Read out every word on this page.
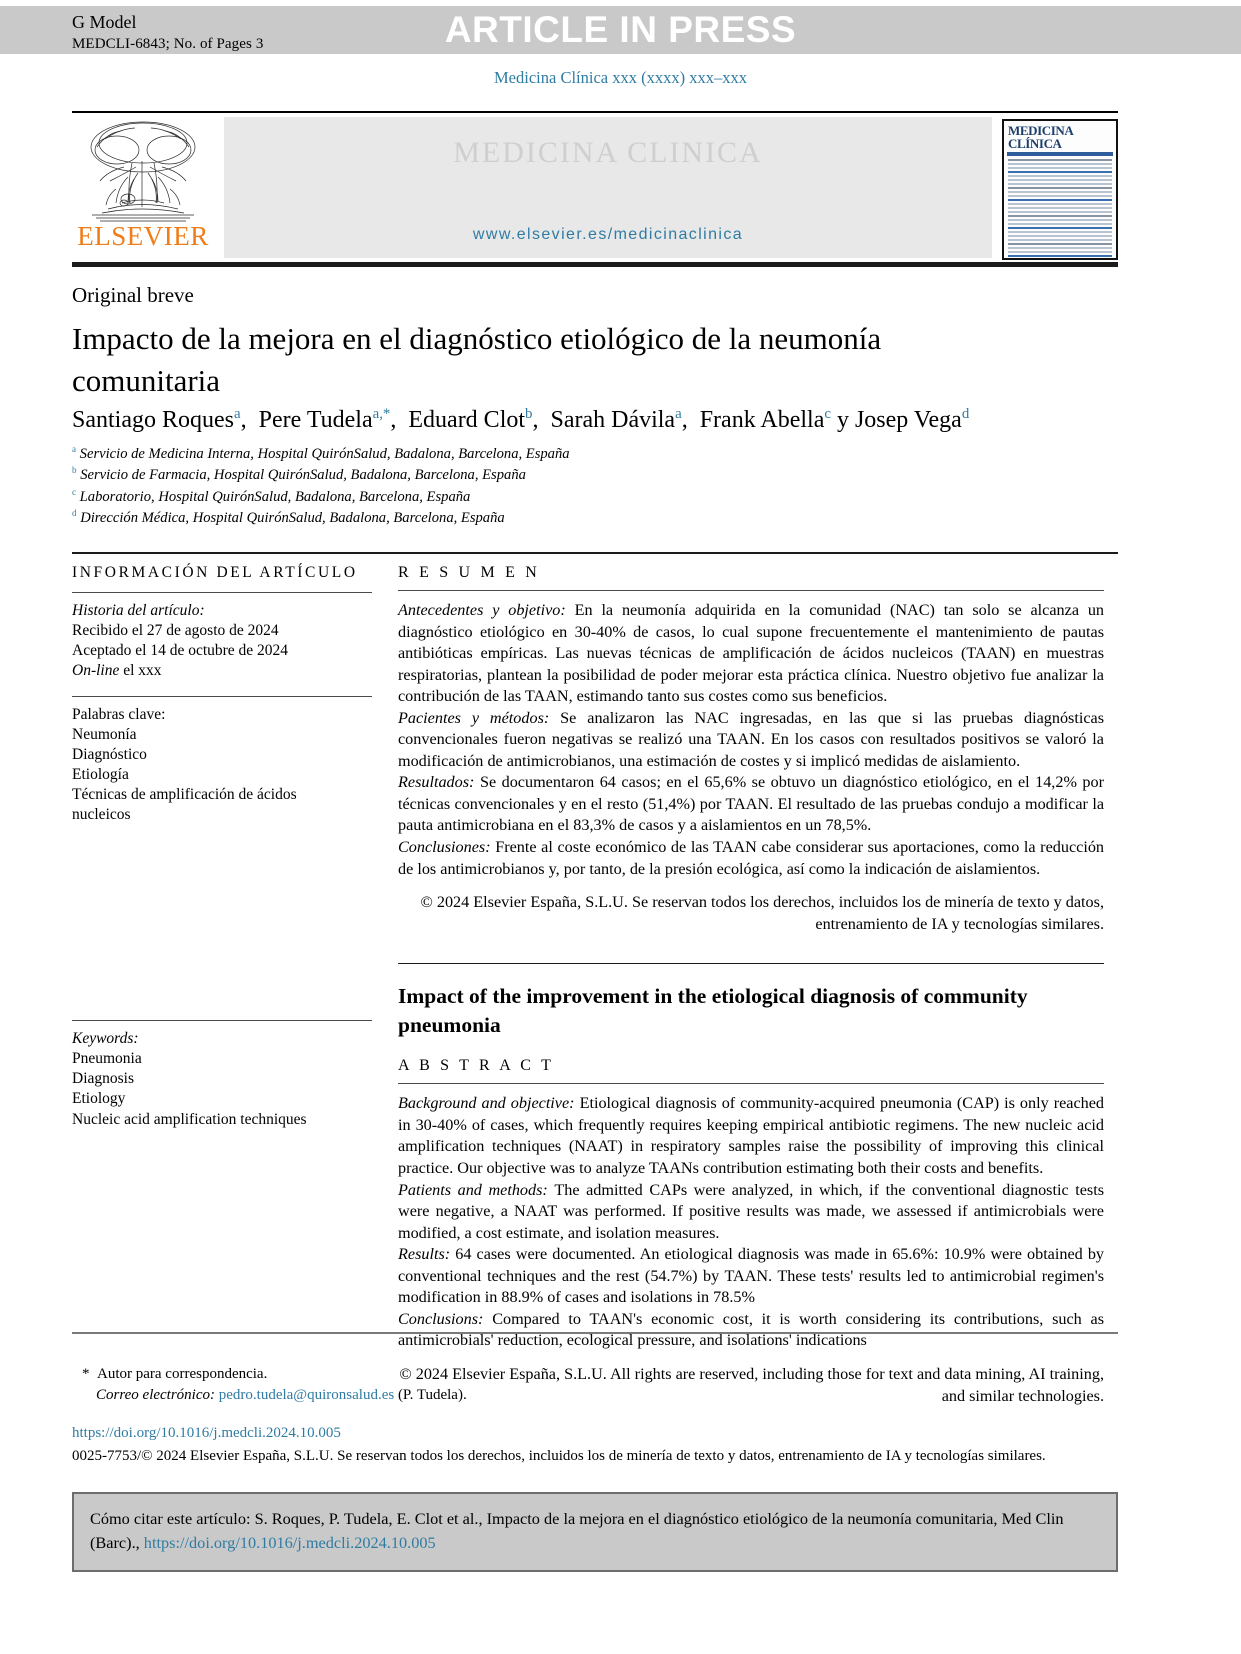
G Model
MEDCLI-6843; No. of Pages 3	ARTICLE IN PRESS
Medicina Clínica xxx (xxxx) xxx–xxx
ELSEVIER
MEDICINA CLINICA
www.elsevier.es/medicinaclinica
MEDICINA
CLÍNICA
Original breve
Impacto de la mejora en el diagnóstico etiológico de la neumonía comunitaria
Santiago Roques$^a$,  Pere Tudela$^{a,*}$,  Eduard Clot$^b$,  Sarah Dávila$^a$,  Frank Abella$^c$ y Josep Vega$^d$
$^a$ Servicio de Medicina Interna, Hospital QuirónSalud, Badalona, Barcelona, España
$^b$ Servicio de Farmacia, Hospital QuirónSalud, Badalona, Barcelona, España
$^c$ Laboratorio, Hospital QuirónSalud, Badalona, Barcelona, España
$^d$ Dirección Médica, Hospital QuirónSalud, Badalona, Barcelona, España
INFORMACIÓN DEL ARTÍCULO
Historia del artículo:
Recibido el 27 de agosto de 2024
Aceptado el 14 de octubre de 2024
On-line el xxx
Palabras clave:
Neumonía
Diagnóstico
Etiología
Técnicas de amplificación de ácidos
nucleicos
Keywords:
Pneumonia
Diagnosis
Etiology
Nucleic acid amplification techniques
R E S U M E N

Antecedentes y objetivo: En la neumonía adquirida en la comunidad (NAC) tan solo se alcanza un diagnóstico etiológico en 30-40% de casos, lo cual supone frecuentemente el mantenimiento de pautas antibióticas empíricas. Las nuevas técnicas de amplificación de ácidos nucleicos (TAAN) en muestras respiratorias, plantean la posibilidad de poder mejorar esta práctica clínica. Nuestro objetivo fue analizar la contribución de las TAAN, estimando tanto sus costes como sus beneficios.

Pacientes y métodos: Se analizaron las NAC ingresadas, en las que si las pruebas diagnósticas convencionales fueron negativas se realizó una TAAN. En los casos con resultados positivos se valoró la modificación de antimicrobianos, una estimación de costes y si implicó medidas de aislamiento.

Resultados: Se documentaron 64 casos; en el 65,6% se obtuvo un diagnóstico etiológico, en el 14,2% por técnicas convencionales y en el resto (51,4%) por TAAN. El resultado de las pruebas condujo a modificar la pauta antimicrobiana en el 83,3% de casos y a aislamientos en un 78,5%.

Conclusiones: Frente al coste económico de las TAAN cabe considerar sus aportaciones, como la reducción de los antimicrobianos y, por tanto, de la presión ecológica, así como la indicación de aislamientos.

© 2024 Elsevier España, S.L.U. Se reservan todos los derechos, incluidos los de minería de texto y datos, entrenamiento de IA y tecnologías similares.
Impact of the improvement in the etiological diagnosis of community pneumonia
A B S T R A C T

Background and objective: Etiological diagnosis of community-acquired pneumonia (CAP) is only reached in 30-40% of cases, which frequently requires keeping empirical antibiotic regimens. The new nucleic acid amplification techniques (NAAT) in respiratory samples raise the possibility of improving this clinical practice. Our objective was to analyze TAANs contribution estimating both their costs and benefits.

Patients and methods: The admitted CAPs were analyzed, in which, if the conventional diagnostic tests were negative, a NAAT was performed. If positive results was made, we assessed if antimicrobials were modified, a cost estimate, and isolation measures.

Results: 64 cases were documented. An etiological diagnosis was made in 65.6%: 10.9% were obtained by conventional techniques and the rest (54.7%) by TAAN. These tests' results led to antimicrobial regimen's modification in 88.9% of cases and isolations in 78.5%

Conclusions: Compared to TAAN's economic cost, it is worth considering its contributions, such as antimicrobials' reduction, ecological pressure, and isolations' indications

© 2024 Elsevier España, S.L.U. All rights are reserved, including those for text and data mining, AI training, and similar technologies.
* Autor para correspondencia.
Correo electrónico: pedro.tudela@quironsalud.es (P. Tudela).
https://doi.org/10.1016/j.medcli.2024.10.005
0025-7753/© 2024 Elsevier España, S.L.U. Se reservan todos los derechos, incluidos los de minería de texto y datos, entrenamiento de IA y tecnologías similares.
Cómo citar este artículo: S. Roques, P. Tudela, E. Clot et al., Impacto de la mejora en el diagnóstico etiológico de la neumonía comunitaria, Med Clin (Barc)., https://doi.org/10.1016/j.medcli.2024.10.005
